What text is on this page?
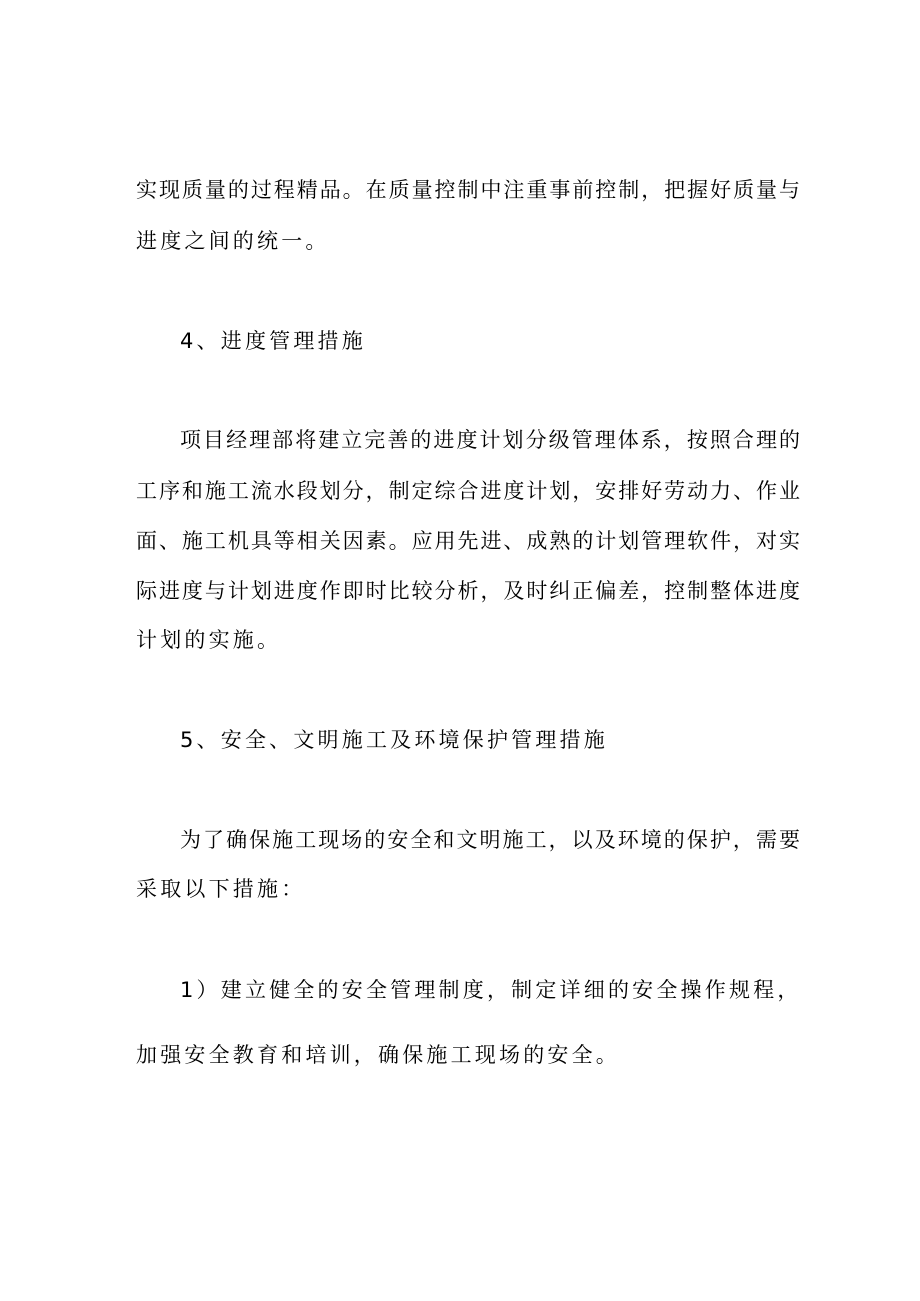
实现质量的过程精品。在质量控制中注重事前控制，把握好质量与
进度之间的统一。
4、进度管理措施
项目经理部将建立完善的进度计划分级管理体系，按照合理的
工序和施工流水段划分，制定综合进度计划，安排好劳动力、作业
面、施工机具等相关因素。应用先进、成熟的计划管理软件，对实
际进度与计划进度作即时比较分析，及时纠正偏差，控制整体进度
计划的实施。
5、安全、文明施工及环境保护管理措施
为了确保施工现场的安全和文明施工，以及环境的保护，需要
采取以下措施：
1）建立健全的安全管理制度，制定详细的安全操作规程，
加强安全教育和培训，确保施工现场的安全。
